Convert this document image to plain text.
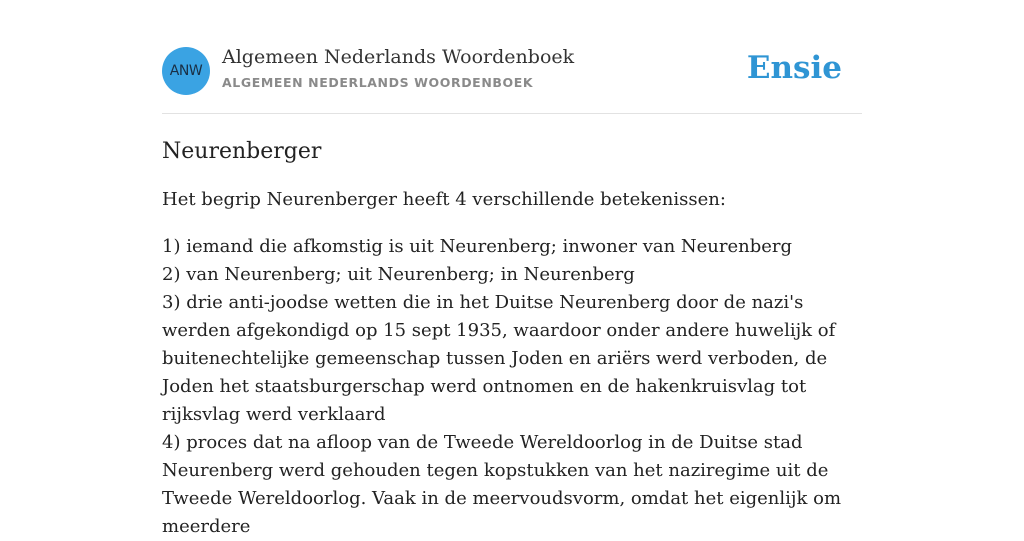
ANW
Algemeen Nederlands Woordenboek
ALGEMEEN NEDERLANDS WOORDENBOEK	Ensie
Neurenberger

Het begrip Neurenberger heeft 4 verschillende betekenissen:

1) iemand die afkomstig is uit Neurenberg; inwoner van Neurenberg
2) van Neurenberg; uit Neurenberg; in Neurenberg
3) drie anti-joodse wetten die in het Duitse Neurenberg door de nazi's werden afgekondigd op 15 sept 1935, waardoor onder andere huwelijk of buitenechtelijke gemeenschap tussen Joden en ariërs werd verboden, de Joden het staatsburgerschap werd ontnomen en de hakenkruisvlag tot rijksvlag werd verklaard
4) proces dat na afloop van de Tweede Wereldoorlog in de Duitse stad Neurenberg werd gehouden tegen kopstukken van het naziregime uit de Tweede Wereldoorlog. Vaak in de meervoudsvorm, omdat het eigenlijk om meerdere
